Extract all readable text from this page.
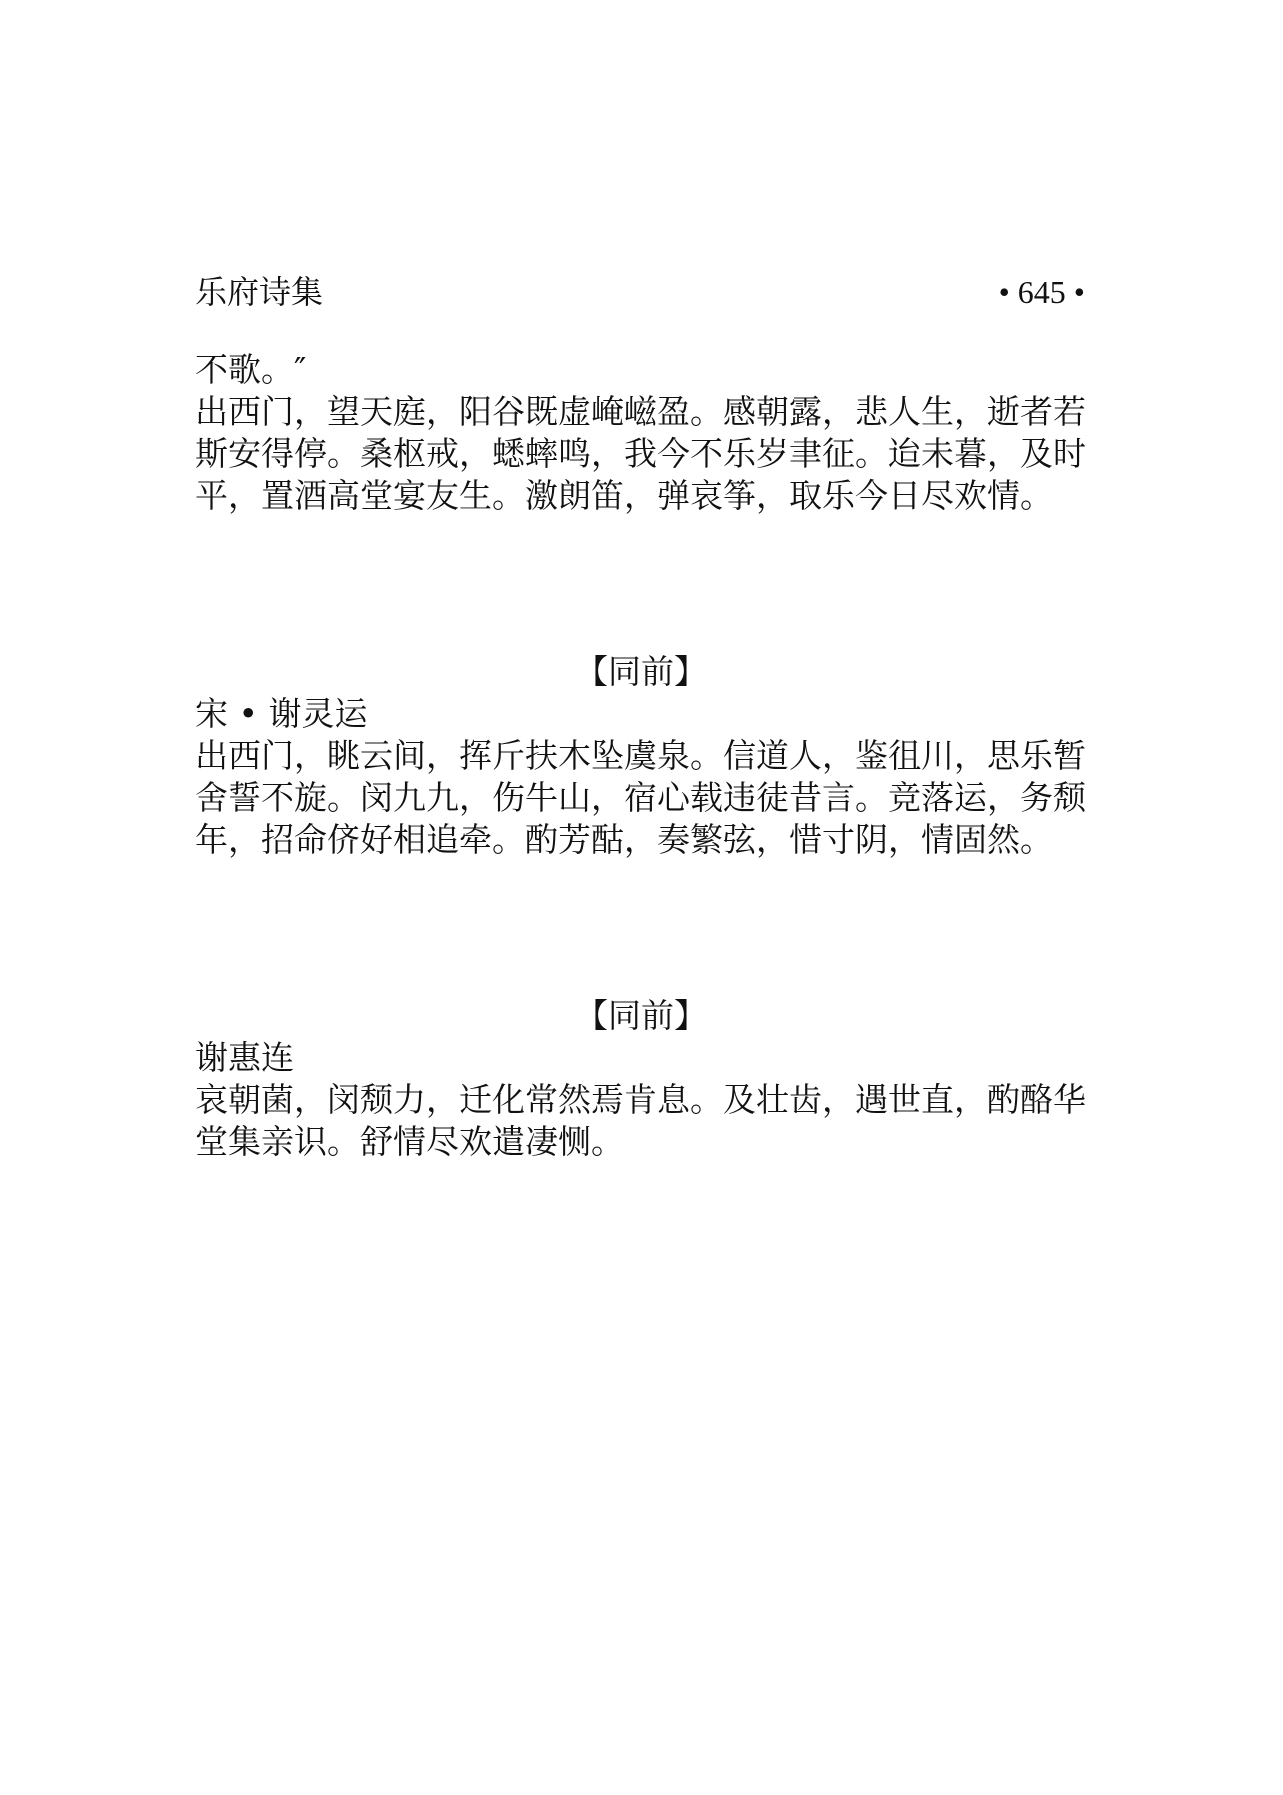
乐府诗集	• 645 •
不歌。″
出西门，望天庭，阳谷既虚崦嵫盈。感朝露，悲人生，逝者若
斯安得停。桑枢戒，蟋蟀鸣，我今不乐岁聿征。迨未暮，及时
平，置酒高堂宴友生。激朗笛，弹哀筝，取乐今日尽欢情。
【同前】
宋 • 谢灵运
出西门，眺云间，挥斤扶木坠虞泉。信道人，鉴徂川，思乐暂
舍誓不旋。闵九九，伤牛山，宿心载违徒昔言。竞落运，务颓
年，招命侪好相追牵。酌芳酤，奏繁弦，惜寸阴，情固然。
【同前】
谢惠连
哀朝菌，闵颓力，迁化常然焉肯息。及壮齿，遇世直，酌酪华
堂集亲识。舒情尽欢遣凄恻。
